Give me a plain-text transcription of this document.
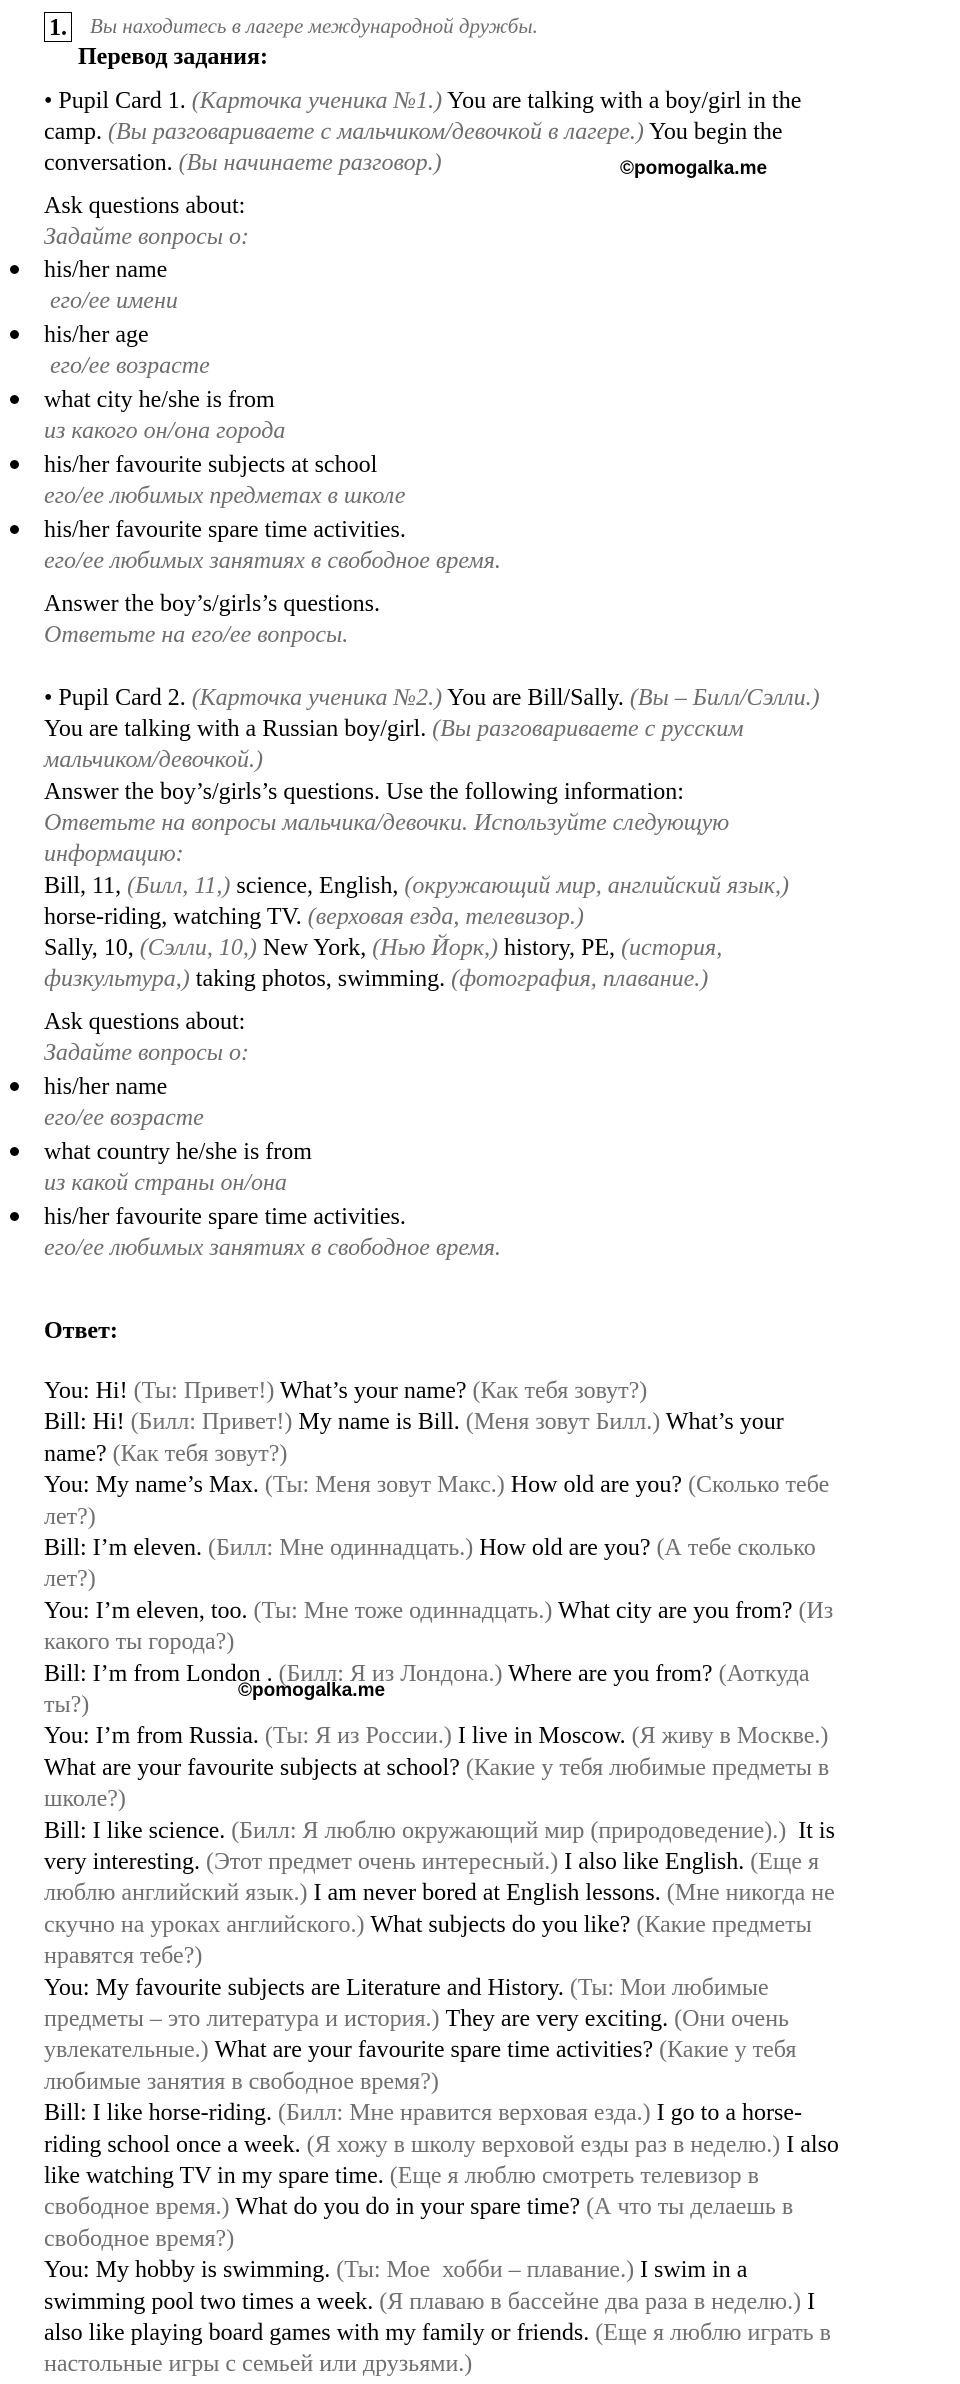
1. Вы находитесь в лагере международной дружбы.
Перевод задания:
• Pupil Card 1. (Карточка ученика №1.) You are talking with a boy/girl in the
camp. (Вы разговариваете с мальчиком/девочкой в лагере.) You begin the
conversation. (Вы начинаете разговор.)	©pomogalka.me
Ask questions about:
Задайте вопросы о:
his/her name
его/ее имени
his/her age
его/ее возрасте
what city he/she is from
из какого он/она города
his/her favourite subjects at school
его/ее любимых предметах в школе
his/her favourite spare time activities.
его/ее любимых занятиях в свободное время.
Answer the boy’s/girls’s questions.
Ответьте на его/ее вопросы.
• Pupil Card 2. (Карточка ученика №2.) You are Bill/Sally. (Вы – Билл/Сэлли.)
You are talking with a Russian boy/girl. (Вы разговариваете с русским
мальчиком/девочкой.)
Answer the boy’s/girls’s questions. Use the following information:
Ответьте на вопросы мальчика/девочки. Используйте следующую
информацию:
Bill, 11, (Билл, 11,) science, English, (окружающий мир, английский язык,)
horse-riding, watching TV. (верховая езда, телевизор.)
Sally, 10, (Сэлли, 10,) New York, (Нью Йорк,) history, PE, (история,
физкультура,) taking photos, swimming. (фотография, плавание.)
Ask questions about:
Задайте вопросы о:
his/her name
его/ее возрасте
what country he/she is from
из какой страны он/она
his/her favourite spare time activities.
его/ее любимых занятиях в свободное время.
Ответ:
You: Hi! (Ты: Привет!) What’s your name? (Как тебя зовут?)
Bill: Hi! (Билл: Привет!) My name is Bill. (Меня зовут Билл.) What’s your
name? (Как тебя зовут?)
You: My name’s Max. (Ты: Меня зовут Макс.) How old are you? (Сколько тебе
лет?)
Bill: I’m eleven. (Билл: Мне одиннадцать.) How old are you? (А тебе сколько
лет?)
You: I’m eleven, too. (Ты: Мне тоже одиннадцать.) What city are you from? (Из
какого ты города?)
Bill: I’m from London . (Билл: Я из Лондона.) Where are you from? (Аоткуда
ты?)
You: I’m from Russia. (Ты: Я из России.) I live in Moscow. (Я живу в Москве.)
What are your favourite subjects at school? (Какие у тебя любимые предметы в
школе?)
Bill: I like science. (Билл: Я люблю окружающий мир (природоведение).)  It is
very interesting. (Этот предмет очень интересный.) I also like English. (Еще я
люблю английский язык.) I am never bored at English lessons. (Мне никогда не
скучно на уроках английского.) What subjects do you like? (Какие предметы
нравятся тебе?)
You: My favourite subjects are Literature and History. (Ты: Мои любимые
предметы – это литература и история.) They are very exciting. (Они очень
увлекательные.) What are your favourite spare time activities? (Какие у тебя
любимые занятия в свободное время?)
Bill: I like horse-riding. (Билл: Мне нравится верховая езда.) I go to a horse-
riding school once a week. (Я хожу в школу верховой езды раз в неделю.) I also
like watching TV in my spare time. (Еще я люблю смотреть телевизор в
свободное время.) What do you do in your spare time? (А что ты делаешь в
свободное время?)
You: My hobby is swimming. (Ты: Мое  хобби – плавание.) I swim in a
swimming pool two times a week. (Я плаваю в бассейне два раза в неделю.) I
also like playing board games with my family or friends. (Еще я люблю играть в
настольные игры с семьей или друзьями.)
©pomogalka.me
